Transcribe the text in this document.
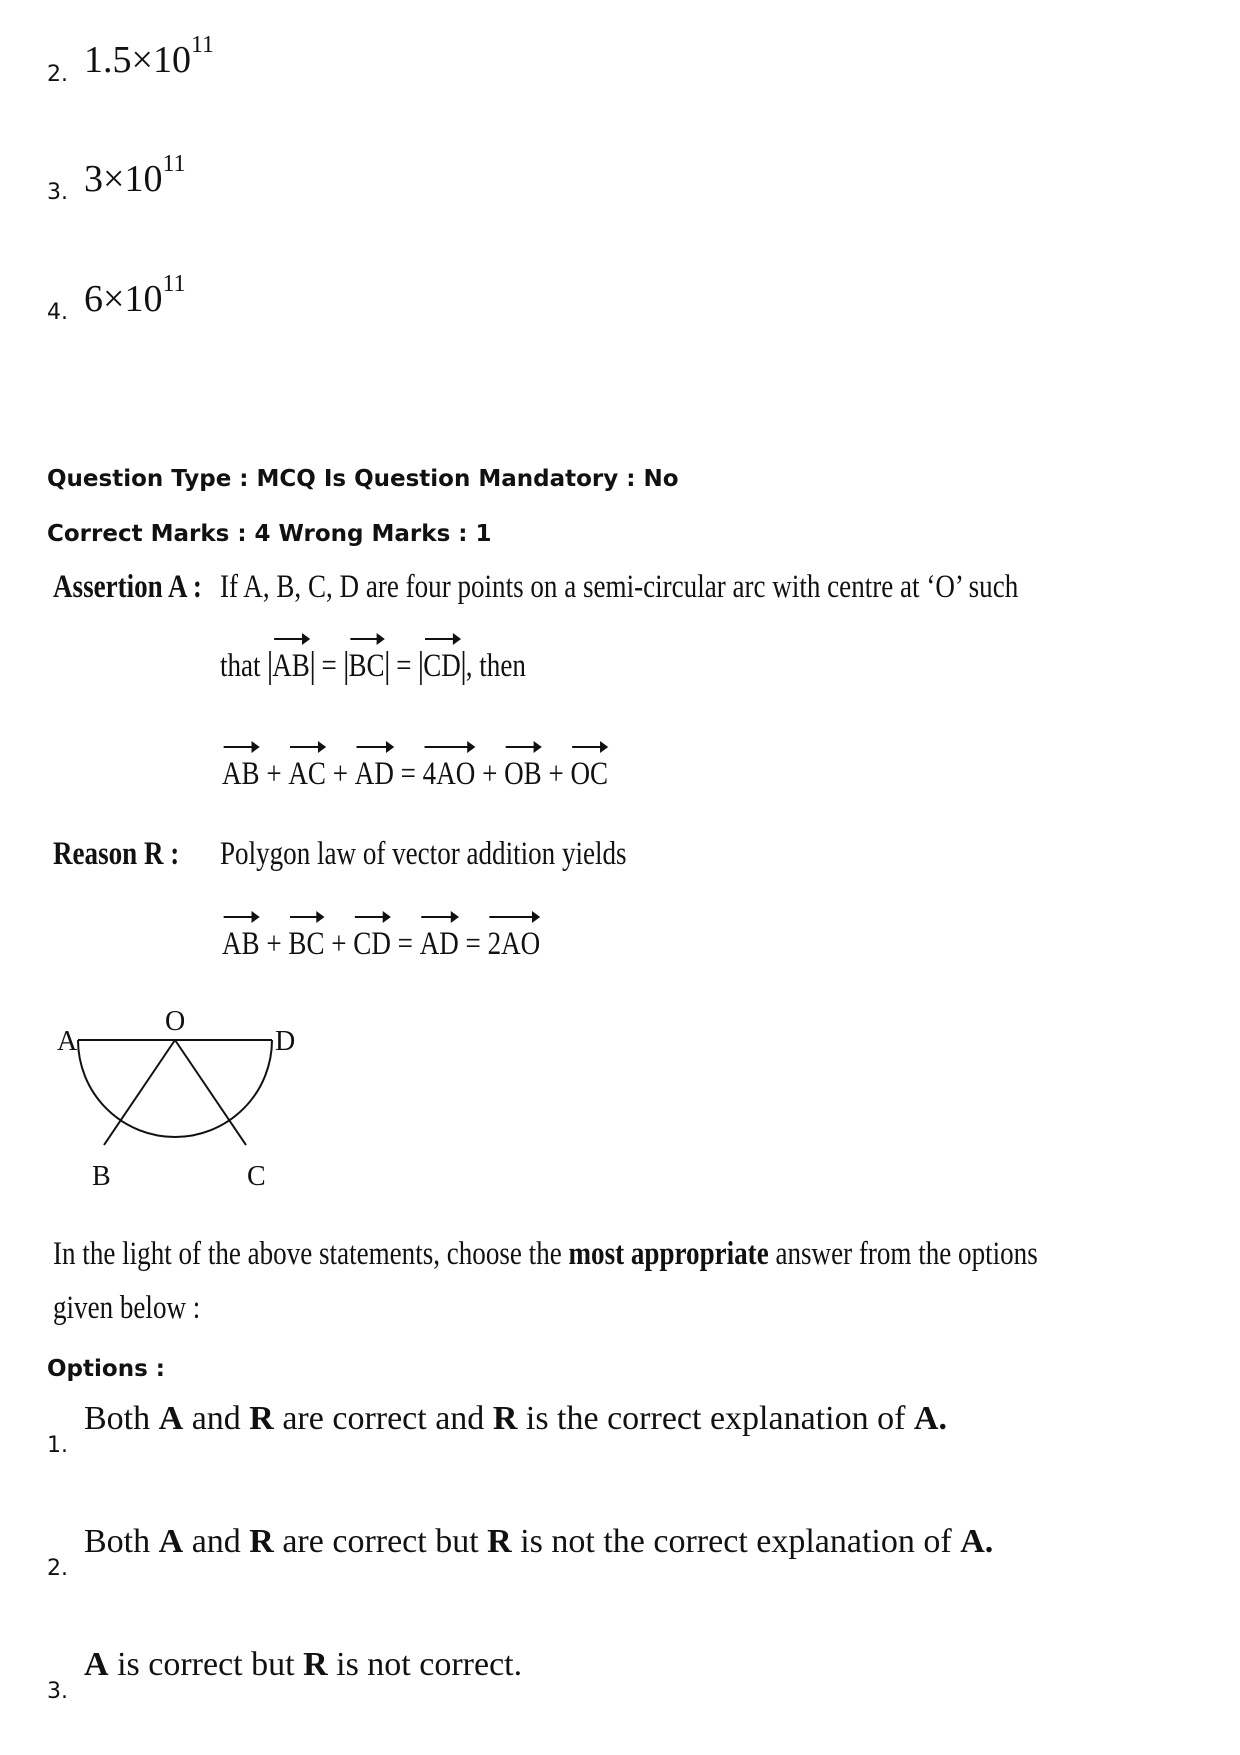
2. $1.5\times 10^{11}$
3. $3\times 10^{11}$
4. $6\times 10^{11}$
Question Type : MCQ Is Question Mandatory : No
Correct Marks : 4 Wrong Marks : 1
Assertion A : If A, B, C, D are four points on a semi-circular arc with centre at ‘O’ such
that AB = BC = CD , then
AB + AC + AD = 4AO + OB + OC
Reason R : Polygon law of vector addition yields
AB + BC + CD = AD = 2AO
A
O
D
B	C
In the light of the above statements, choose the most appropriate answer from the options
given below :
Options :
1.
Both A and R are correct and R is the correct explanation of A.
2.
Both A and R are correct but R is not the correct explanation of A.
3.
A is correct but R is not correct.
